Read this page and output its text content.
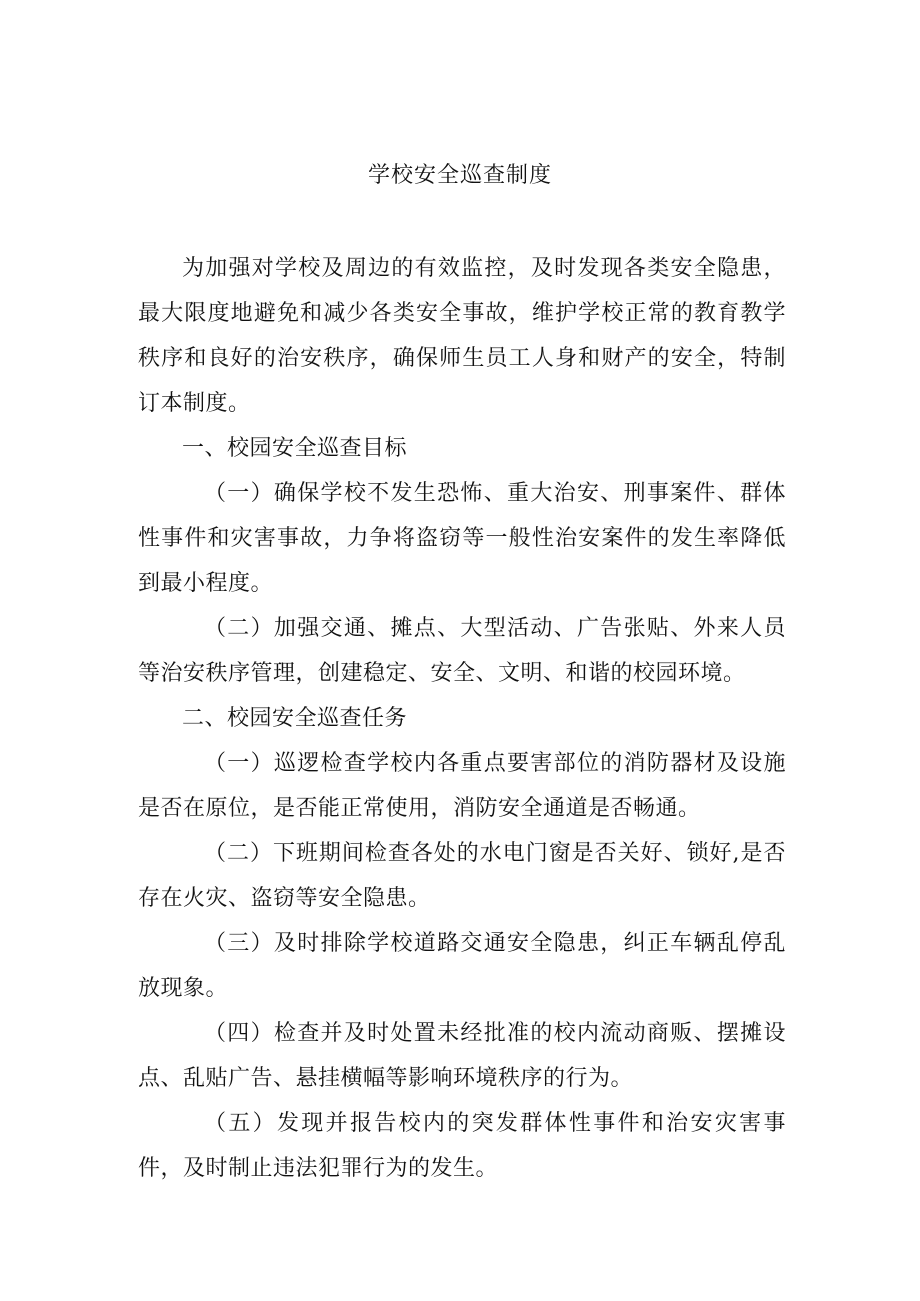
学校安全巡查制度

为加强对学校及周边的有效监控，及时发现各类安全隐患，最大限度地避免和减少各类安全事故，维护学校正常的教育教学秩序和良好的治安秩序，确保师生员工人身和财产的安全，特制订本制度。

一、校园安全巡查目标

（一）确保学校不发生恐怖、重大治安、刑事案件、群体性事件和灾害事故，力争将盗窃等一般性治安案件的发生率降低到最小程度。

（二）加强交通、摊点、大型活动、广告张贴、外来人员等治安秩序管理，创建稳定、安全、文明、和谐的校园环境。

二、校园安全巡查任务

（一）巡逻检查学校内各重点要害部位的消防器材及设施是否在原位，是否能正常使用，消防安全通道是否畅通。

（二）下班期间检查各处的水电门窗是否关好、锁好,是否存在火灾、盗窃等安全隐患。

（三）及时排除学校道路交通安全隐患，纠正车辆乱停乱放现象。

（四）检查并及时处置未经批准的校内流动商贩、摆摊设点、乱贴广告、悬挂横幅等影响环境秩序的行为。

（五）发现并报告校内的突发群体性事件和治安灾害事件，及时制止违法犯罪行为的发生。
